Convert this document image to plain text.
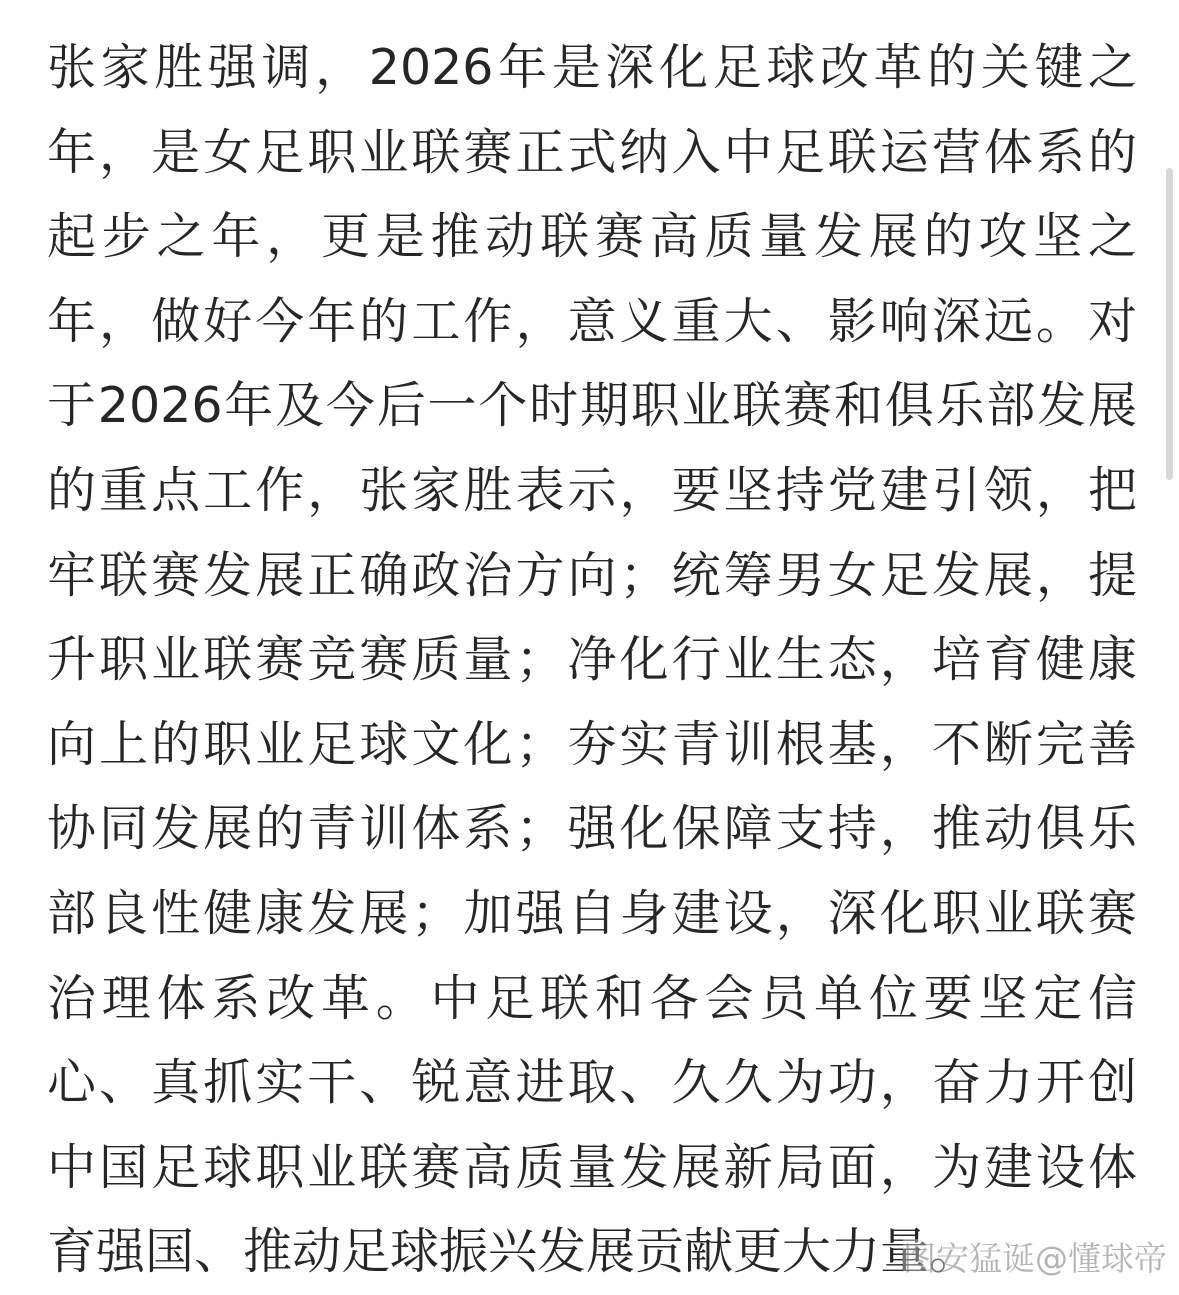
张家胜强调，2026年是深化足球改革的关键之
年，是女足职业联赛正式纳入中足联运营体系的
起步之年，更是推动联赛高质量发展的攻坚之
年，做好今年的工作，意义重大、影响深远。对
于2026年及今后一个时期职业联赛和俱乐部发展
的重点工作，张家胜表示，要坚持党建引领，把
牢联赛发展正确政治方向；统筹男女足发展，提
升职业联赛竞赛质量；净化行业生态，培育健康
向上的职业足球文化；夯实青训根基，不断完善
协同发展的青训体系；强化保障支持，推动俱乐
部良性健康发展；加强自身建设，深化职业联赛
治理体系改革。中足联和各会员单位要坚定信
心、真抓实干、锐意进取、久久为功，奋力开创
中国足球职业联赛高质量发展新局面，为建设体
育强国、推动足球振兴发展贡献更大力量。
图安猛诞@懂球帝
